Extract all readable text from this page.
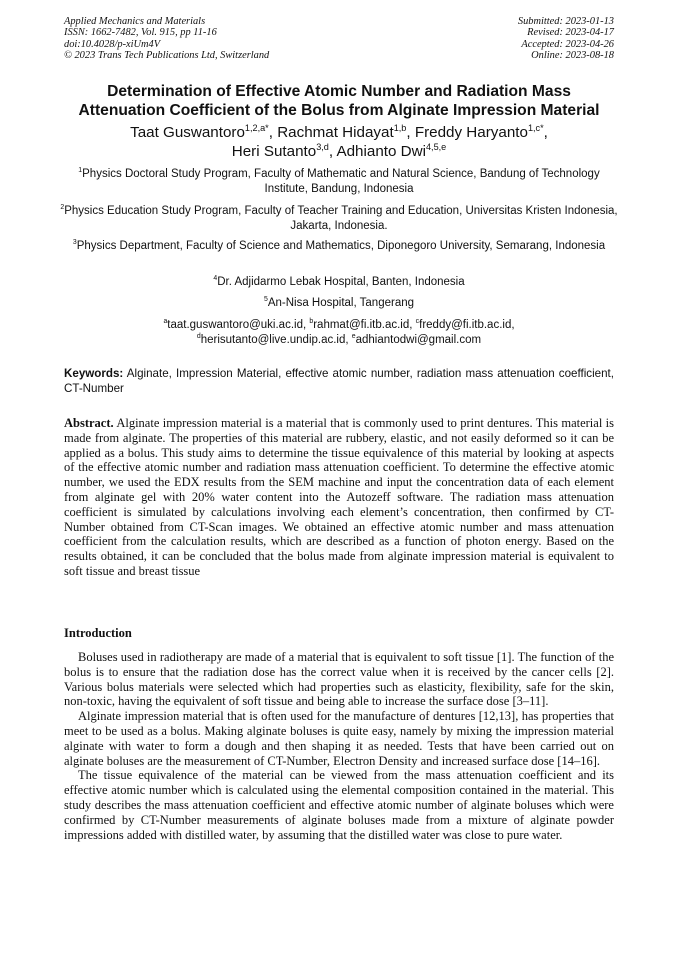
Applied Mechanics and Materials
ISSN: 1662-7482, Vol. 915, pp 11-16
doi:10.4028/p-xiUm4V
© 2023 Trans Tech Publications Ltd, Switzerland
Submitted: 2023-01-13
Revised: 2023-04-17
Accepted: 2023-04-26
Online: 2023-08-18
Determination of Effective Atomic Number and Radiation Mass
Attenuation Coefficient of the Bolus from Alginate Impression Material
Taat Guswantoro$^{1,2,a*}$, Rachmat Hidayat$^{1,b}$, Freddy Haryanto$^{1,c*}$,
Heri Sutanto$^{3,d}$, Adhianto Dwi$^{4,5,e}$
$^1$Physics Doctoral Study Program, Faculty of Mathematic and Natural Science, Bandung of Technology Institute, Bandung, Indonesia
$^2$Physics Education Study Program, Faculty of Teacher Training and Education, Universitas Kristen Indonesia, Jakarta, Indonesia.
$^3$Physics Department, Faculty of Science and Mathematics, Diponegoro University, Semarang, Indonesia
$^4$Dr. Adjidarmo Lebak Hospital, Banten, Indonesia
$^5$An-Nisa Hospital, Tangerang
$^a$taat.guswantoro@uki.ac.id, $^b$rahmat@fi.itb.ac.id, $^c$freddy@fi.itb.ac.id,
$^d$herisutanto@live.undip.ac.id, $^e$adhiantodwi@gmail.com
Keywords: Alginate, Impression Material, effective atomic number, radiation mass attenuation coefficient, CT-Number
Abstract. Alginate impression material is a material that is commonly used to print dentures. This material is made from alginate. The properties of this material are rubbery, elastic, and not easily deformed so it can be applied as a bolus. This study aims to determine the tissue equivalence of this material by looking at aspects of the effective atomic number and radiation mass attenuation coefficient. To determine the effective atomic number, we used the EDX results from the SEM machine and input the concentration data of each element from alginate gel with 20% water content into the Autozeff software. The radiation mass attenuation coefficient is simulated by calculations involving each element’s concentration, then confirmed by CT-Number obtained from CT-Scan images. We obtained an effective atomic number and mass attenuation coefficient from the calculation results, which are described as a function of photon energy. Based on the results obtained, it can be concluded that the bolus made from alginate impression material is equivalent to soft tissue and breast tissue
Introduction

Boluses used in radiotherapy are made of a material that is equivalent to soft tissue [1]. The function of the bolus is to ensure that the radiation dose has the correct value when it is received by the cancer cells [2]. Various bolus materials were selected which had properties such as elasticity, flexibility, safe for the skin, non-toxic, having the equivalent of soft tissue and being able to increase the surface dose [3–11].

Alginate impression material that is often used for the manufacture of dentures [12,13], has properties that meet to be used as a bolus. Making alginate boluses is quite easy, namely by mixing the impression material alginate with water to form a dough and then shaping it as needed. Tests that have been carried out on alginate boluses are the measurement of CT-Number, Electron Density and increased surface dose [14–16].

The tissue equivalence of the material can be viewed from the mass attenuation coefficient and its effective atomic number which is calculated using the elemental composition contained in the material. This study describes the mass attenuation coefficient and effective atomic number of alginate boluses which were confirmed by CT-Number measurements of alginate boluses made from a mixture of alginate powder impressions added with distilled water, by assuming that the distilled water was close to pure water.
